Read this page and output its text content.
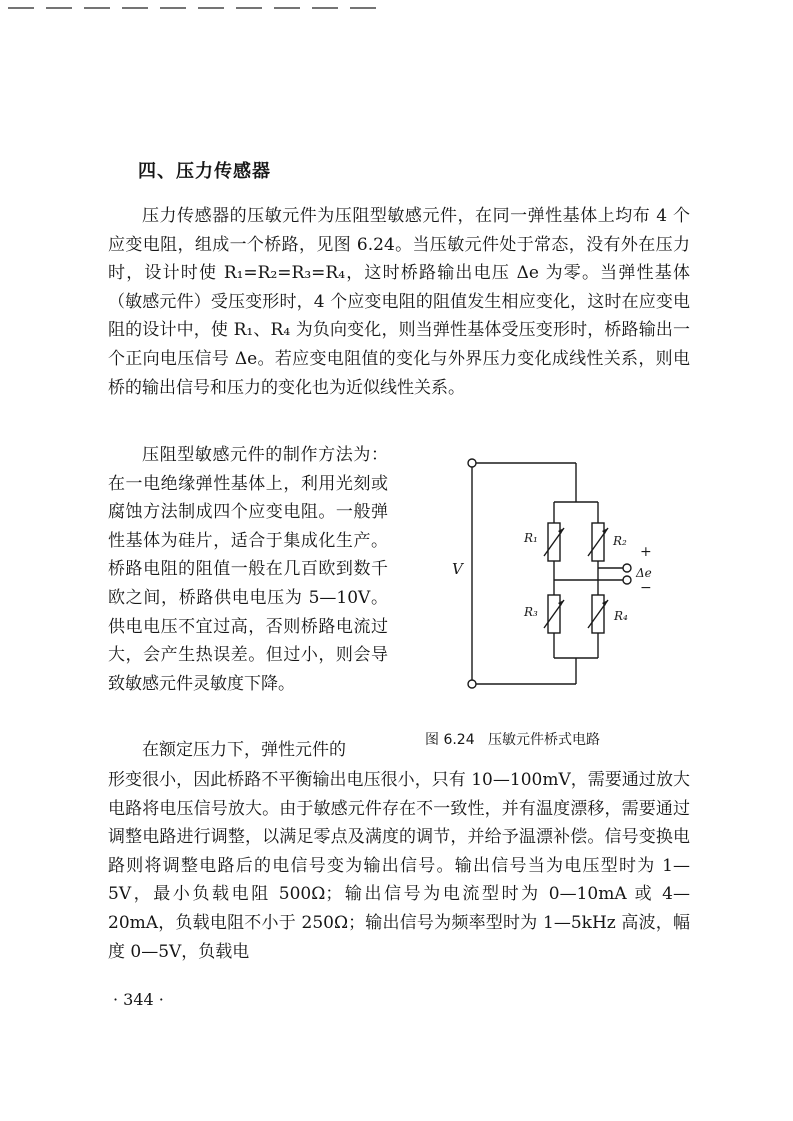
四、压力传感器

压力传感器的压敏元件为压阻型敏感元件，在同一弹性基体上均布 4 个应变电阻，组成一个桥路，见图 6.24。当压敏元件处于常态，没有外在压力时，设计时使 R₁=R₂=R₃=R₄，这时桥路输出电压 Δe 为零。当弹性基体（敏感元件）受压变形时，4 个应变电阻的阻值发生相应变化，这时在应变电阻的设计中，使 R₁、R₄ 为负向变化，则当弹性基体受压变形时，桥路输出一个正向电压信号 Δe。若应变电阻值的变化与外界压力变化成线性关系，则电桥的输出信号和压力的变化也为近似线性关系。

压阻型敏感元件的制作方法为：在一电绝缘弹性基体上，利用光刻或腐蚀方法制成四个应变电阻。一般弹性基体为硅片，适合于集成化生产。桥路电阻的阻值一般在几百欧到数千欧之间，桥路供电电压为 5—10V。供电电压不宜过高，否则桥路电流过大，会产生热误差。但过小，则会导致敏感元件灵敏度下降。

在额定压力下，弹性元件的

形变很小，因此桥路不平衡输出电压很小，只有 10—100mV，需要通过放大电路将电压信号放大。由于敏感元件存在不一致性，并有温度漂移，需要通过调整电路进行调整，以满足零点及满度的调节，并给予温漂补偿。信号变换电路则将调整电路后的电信号变为输出信号。输出信号当为电压型时为 1—5V，最小负载电阻 500Ω；输出信号为电流型时为 0—10mA 或 4—20mA，负载电阻不小于 250Ω；输出信号为频率型时为 1—5kHz 高波，幅度 0—5V，负载电

R₁	R₂
R₃	R₄
V
+
−
Δe

图 6.24   压敏元件桥式电路

· 344 ·
